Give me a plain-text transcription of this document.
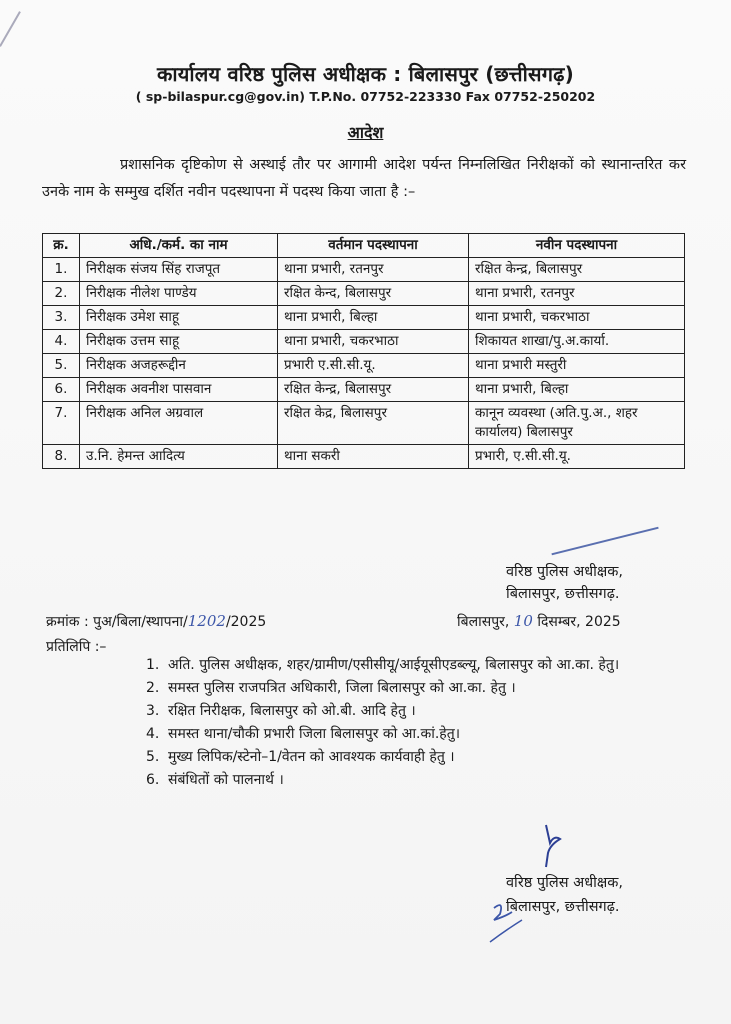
कार्यालय वरिष्ठ पुलिस अधीक्षक : बिलासपुर (छत्तीसगढ़)
( sp-bilaspur.cg@gov.in) T.P.No. 07752-223330 Fax 07752-250202
आदेश
प्रशासनिक दृष्टिकोण से अस्थाई तौर पर आगामी आदेश पर्यन्त निम्नलिखित निरीक्षकों को स्थानान्तरित कर उनके नाम के सम्मुख दर्शित नवीन पदस्थापना में पदस्थ किया जाता है :–
क्र.	अधि./कर्म. का नाम	वर्तमान पदस्थापना	नवीन पदस्थापना
1.	निरीक्षक संजय सिंह राजपूत	थाना प्रभारी, रतनपुर	रक्षित केन्द्र, बिलासपुर
2.	निरीक्षक नीलेश पाण्डेय	रक्षित केन्द, बिलासपुर	थाना प्रभारी, रतनपुर
3.	निरीक्षक उमेश साहू	थाना प्रभारी, बिल्हा	थाना प्रभारी, चकरभाठा
4.	निरीक्षक उत्तम साहू	थाना प्रभारी, चकरभाठा	शिकायत शाखा/पु.अ.कार्या.
5.	निरीक्षक अजहरूद्दीन	प्रभारी ए.सी.सी.यू.	थाना प्रभारी मस्तुरी
6.	निरीक्षक अवनीश पासवान	रक्षित केन्द्र, बिलासपुर	थाना प्रभारी, बिल्हा
7.	निरीक्षक अनिल अग्रवाल	रक्षित केद्र, बिलासपुर	कानून व्यवस्था (अति.पु.अ., शहर कार्यालय) बिलासपुर
8.	उ.नि. हेमन्त आदित्य	थाना सकरी	प्रभारी, ए.सी.सी.यू.
वरिष्ठ पुलिस अधीक्षक,
बिलासपुर, छत्तीसगढ़.
क्रमांक : पुअ/बिला/स्थापना/1202/2025	बिलासपुर, 10 दिसम्बर, 2025
प्रतिलिपि :–
1. अति. पुलिस अधीक्षक, शहर/ग्रामीण/एसीसीयू/आईयूसीएडब्ल्यू, बिलासपुर को आ.का. हेतु।
2. समस्त पुलिस राजपत्रित अधिकारी, जिला बिलासपुर को आ.का. हेतु ।
3. रक्षित निरीक्षक, बिलासपुर को ओ.बी. आदि हेतु ।
4. समस्त थाना/चौकी प्रभारी जिला बिलासपुर को आ.कां.हेतु।
5. मुख्य लिपिक/स्टेनो–1/वेतन को आवश्यक कार्यवाही हेतु ।
6. संबंधितों को पालनार्थ ।
वरिष्ठ पुलिस अधीक्षक,
बिलासपुर, छत्तीसगढ़.
